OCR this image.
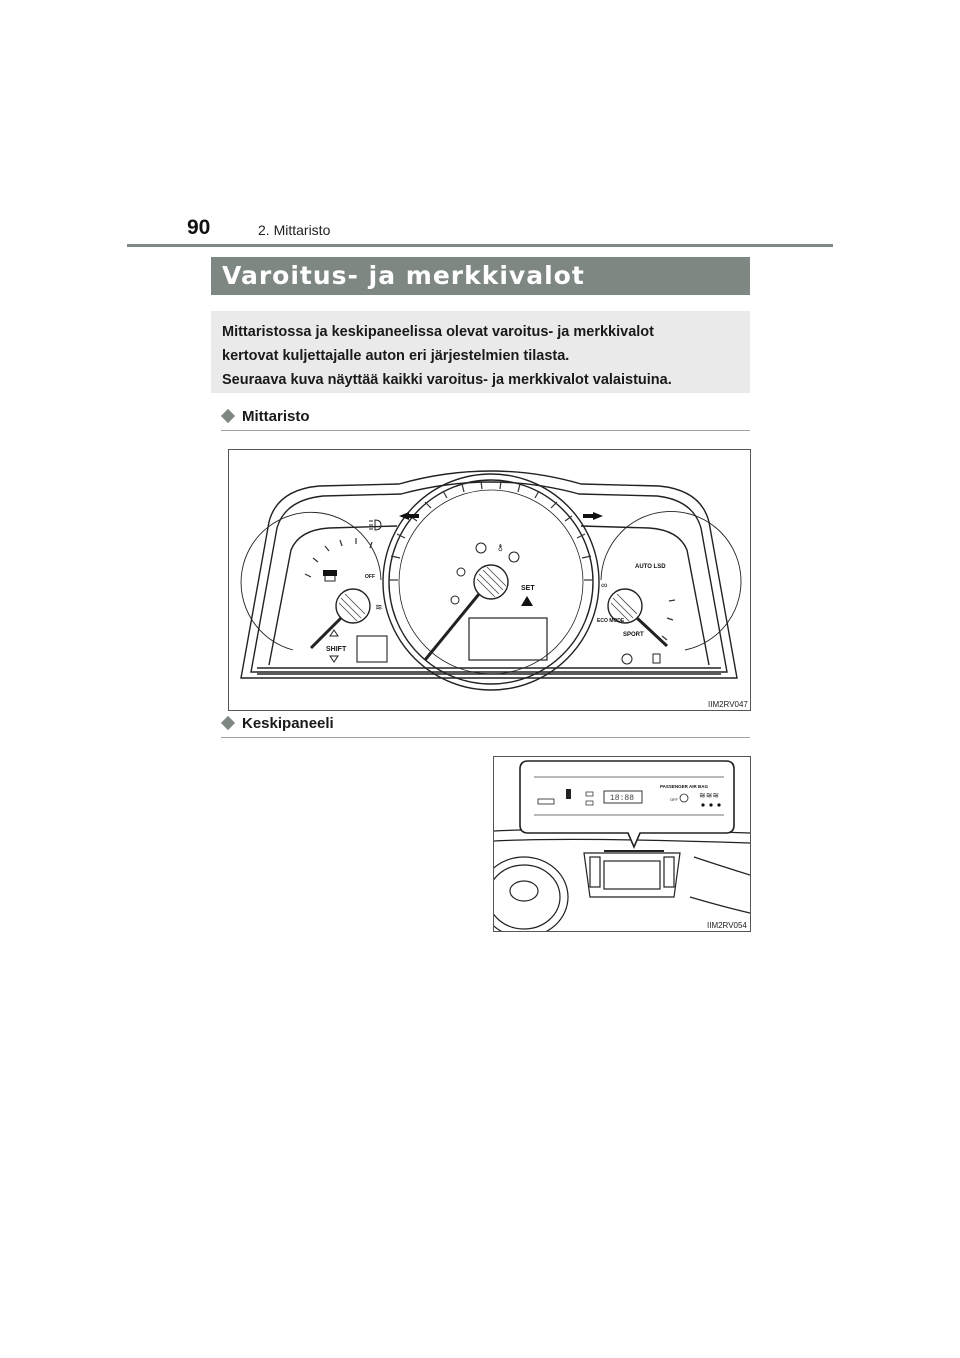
90	2. Mittaristo
Varoitus- ja merkkivalot

Mittaristossa ja keskipaneelissa olevat varoitus- ja merkkivalot

kertovat kuljettajalle auton eri järjestelmien tilasta.

Seuraava kuva näyttää kaikki varoitus- ja merkkivalot valaistuina.

Mittaristo
⚨
≋
∞
SHIFT
SET
SPORT
ECO MODE
AUTO LSD
OFF
IIM2RV047
Keskipaneeli
18:88
PASSENGER AIR BAG
OFF	≋≋≋
IIM2RV054
